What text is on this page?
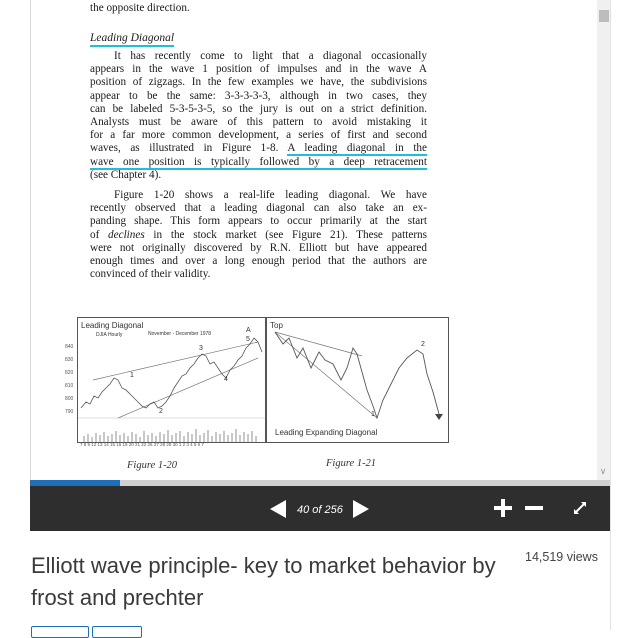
the opposite direction.
Leading Diagonal
It has recently come to light that a diagonal occasionally
appears in the wave 1 position of impulses and in the wave A
position of zigzags. In the few examples we have, the subdivisions
appear to be the same: 3-3-3-3-3, although in two cases, they
can be labeled 5-3-5-3-5, so the jury is out on a strict definition.
Analysts must be aware of this pattern to avoid mistaking it
for a far more common development, a series of first and second
waves, as illustrated in Figure 1-8. A leading diagonal in the
wave one position is typically followed by a deep retracement
(see Chapter 4).
Figure 1-20 shows a real-life leading diagonal. We have
recently observed that a leading diagonal can also take an ex-
panding shape. This form appears to occur primarily at the start
of declines in the stock market (see Figure 21). These patterns
were not originally discovered by R.N. Elliott but have appeared
enough times and over a long enough period that the authors are
convinced of their validity.
Leading Diagonal
DJIA Hourly	November - December 1978
1
2
3
4
5
A
840
830
820
810
800
790
7 8 9 12 13 14 15 16 19 20 21 22 26 27 28 29 30 1 2 3 4 5 6 7
Figure 1-20
Top
1
2
Leading Expanding Diagonal
Figure 1-21
∨
40 of 256
Elliott wave principle- key to market behavior by frost and prechter
14,519 views
